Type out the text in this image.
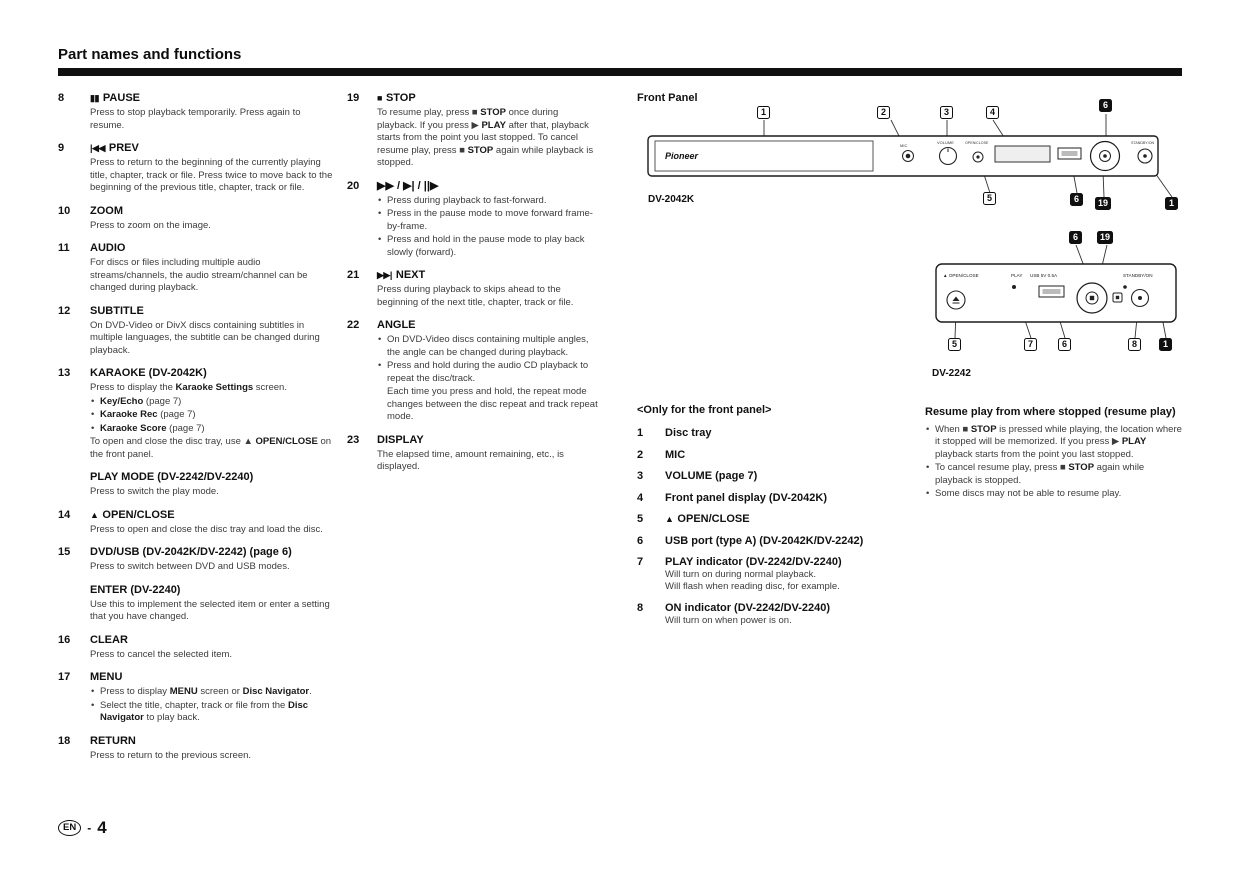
Part names and functions
8	▮▮ PAUSE
Press to stop playback temporarily. Press again to resume.
9	|◀◀ PREV
Press to return to the beginning of the currently playing title, chapter, track or file. Press twice to move back to the beginning of the previous title, chapter, track or file.
10 ZOOM
Press to zoom on the image.
11 AUDIO
For discs or files including multiple audio streams/channels, the audio stream/channel can be changed during playback.
12 SUBTITLE
On DVD-Video or DivX discs containing subtitles in multiple languages, the subtitle can be changed during playback.
13 KARAOKE (DV-2042K)
Press to display the Karaoke Settings screen.
• Key/Echo (page 7)
• Karaoke Rec (page 7)
• Karaoke Score (page 7)
To open and close the disc tray, use ▲ OPEN/CLOSE on the front panel.
PLAY MODE (DV-2242/DV-2240)
Press to switch the play mode.
14 ▲ OPEN/CLOSE
Press to open and close the disc tray and load the disc.
15 DVD/USB (DV-2042K/DV-2242) (page 6)
Press to switch between DVD and USB modes.
ENTER (DV-2240)
Use this to implement the selected item or enter a setting that you have changed.
16 CLEAR
Press to cancel the selected item.
17 MENU
• Press to display MENU screen or Disc Navigator.
• Select the title, chapter, track or file from the Disc Navigator to play back.
18 RETURN
Press to return to the previous screen.
19 ■ STOP
To resume play, press ■ STOP once during playback. If you press ▶ PLAY after that, playback starts from the point you last stopped. To cancel resume play, press ■ STOP again while playback is stopped.
20 ▶▶ / ▶| / ||▶
• Press during playback to fast-forward.
• Press in the pause mode to move forward frame-by-frame.
• Press and hold in the pause mode to play back slowly (forward).
21 ▶▶| NEXT
Press during playback to skips ahead to the beginning of the next title, chapter, track or file.
22 ANGLE
• On DVD-Video discs containing multiple angles, the angle can be changed during playback.
• Press and hold during the audio CD playback to repeat the disc/track.
Each time you press and hold, the repeat mode changes between the disc repeat and track repeat mode.
23 DISPLAY
The elapsed time, amount remaining, etc., is displayed.
Front Panel
Pioneer
MIC
VOLUME	OPEN/CLOSE	STANDBY/ON
1	2	3	4
6
5	6	19	1
DV-2042K
▲ OPEN/CLOSE	PLAY USB 5V 0.5A	STANDBY/ON
6	19
5	7	6	8	1
DV-2242
<Only for the front panel>
1 Disc tray
2 MIC
3 VOLUME (page 7)
4 Front panel display (DV-2042K)
5 ▲ OPEN/CLOSE
6 USB port (type A) (DV-2042K/DV-2242)
7 PLAY indicator (DV-2242/DV-2240)
Will turn on during normal playback.
Will flash when reading disc, for example.
8 ON indicator (DV-2242/DV-2240)
Will turn on when power is on.
Resume play from where stopped (resume play)
• When ■ STOP is pressed while playing, the location where it stopped will be memorized. If you press ▶ PLAY playback starts from the point you last stopped.
• To cancel resume play, press ■ STOP again while playback is stopped.
• Some discs may not be able to resume play.
EN - 4
